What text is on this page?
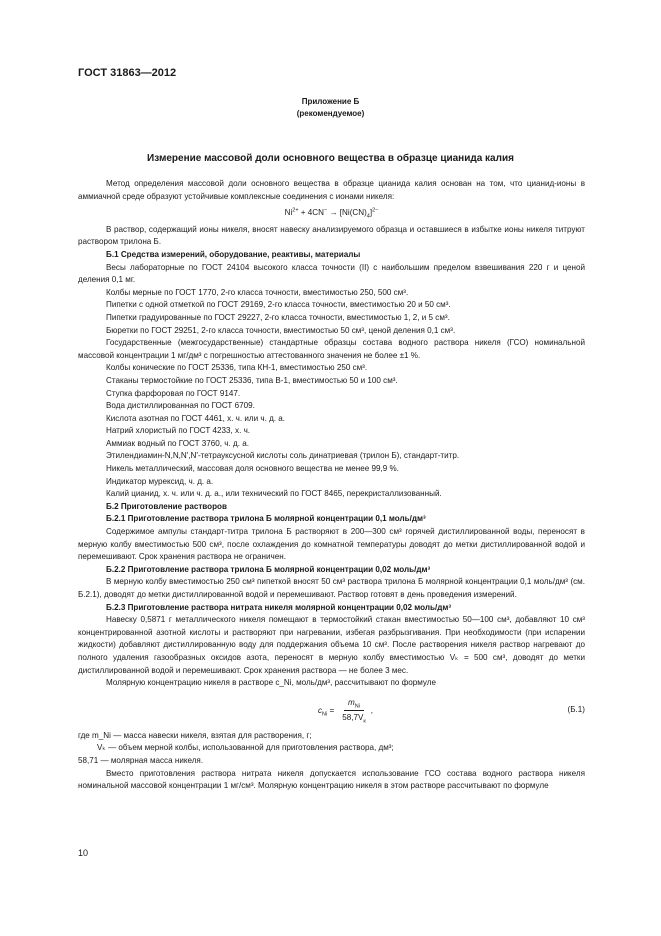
ГОСТ 31863—2012
Приложение Б
(рекомендуемое)
Измерение массовой доли основного вещества в образце цианида калия

Метод определения массовой доли основного вещества в образце цианида калия основан на том, что цианид-ионы в аммиачной среде образуют устойчивые комплексные соединения с ионами никеля:

$Ni^{2+} + 4CN^- \to [Ni(CN)_4]^{2-}$

В раствор, содержащий ионы никеля, вносят навеску анализируемого образца и оставшиеся в избытке ионы никеля титруют раствором трилона Б.

Б.1 Средства измерений, оборудование, реактивы, материалы

Весы лабораторные по ГОСТ 24104 высокого класса точности (II) с наибольшим пределом взвешивания 220 г и ценой деления 0,1 мг.

Колбы мерные по ГОСТ 1770, 2-го класса точности, вместимостью 250, 500 см³.

Пипетки с одной отметкой по ГОСТ 29169, 2-го класса точности, вместимостью 20 и 50 см³.

Пипетки градуированные по ГОСТ 29227, 2-го класса точности, вместимостью 1, 2, и 5 см³.

Бюретки по ГОСТ 29251, 2-го класса точности, вместимостью 50 см³, ценой деления 0,1 см³.

Государственные (межгосударственные) стандартные образцы состава водного раствора никеля (ГСО) номинальной массовой концентрации 1 мг/дм³ с погрешностью аттестованного значения не более ±1 %.

Колбы конические по ГОСТ 25336, типа КН-1, вместимостью 250 см³.

Стаканы термостойкие по ГОСТ 25336, типа В-1, вместимостью 50 и 100 см³.

Ступка фарфоровая по ГОСТ 9147.

Вода дистиллированная по ГОСТ 6709.

Кислота азотная по ГОСТ 4461, х. ч. или ч. д. а.

Натрий хлористый по ГОСТ 4233, х. ч.

Аммиак водный по ГОСТ 3760, ч. д. а.

Этилендиамин-N,N,N',N'-тетрауксусной кислоты соль динатриевая (трилон Б), стандарт-титр.

Никель металлический, массовая доля основного вещества не менее 99,9 %.

Индикатор мурексид, ч. д. а.

Калий цианид, х. ч. или ч. д. а., или технический по ГОСТ 8465, перекристаллизованный.

Б.2 Приготовление растворов

Б.2.1 Приготовление раствора трилона Б молярной концентрации 0,1 моль/дм³

Содержимое ампулы стандарт-титра трилона Б растворяют в 200—300 см³ горячей дистиллированной воды, переносят в мерную колбу вместимостью 500 см³, после охлаждения до комнатной температуры доводят до метки дистиллированной водой и перемешивают. Срок хранения раствора не ограничен.

Б.2.2 Приготовление раствора трилона Б молярной концентрации 0,02 моль/дм³

В мерную колбу вместимостью 250 см³ пипеткой вносят 50 см³ раствора трилона Б молярной концентрации 0,1 моль/дм³ (см. Б.2.1), доводят до метки дистиллированной водой и перемешивают. Раствор готовят в день проведения измерений.

Б.2.3 Приготовление раствора нитрата никеля молярной концентрации 0,02 моль/дм³

Навеску 0,5871 г металлического никеля помещают в термостойкий стакан вместимостью 50—100 см³, добавляют 10 см³ концентрированной азотной кислоты и растворяют при нагревании, избегая разбрызгивания. При необходимости (при испарении жидкости) добавляют дистиллированную воду для поддержания объема 10 см³. После растворения никеля раствор нагревают до полного удаления газообразных оксидов азота, переносят в мерную колбу вместимостью Vₖ = 500 см³, доводят до метки дистиллированной водой и перемешивают. Срок хранения раствора — не более 3 мес.

Молярную концентрацию никеля в растворе c_Ni, моль/дм³, рассчитывают по формуле

$c_{Ni} = \frac{m_{Ni}}{58,7V_к}$ ,	(Б.1)

где m_Ni — масса навески никеля, взятая для растворения, г;

Vₖ — объем мерной колбы, использованной для приготовления раствора, дм³;

58,71 — молярная масса никеля.

Вместо приготовления раствора нитрата никеля допускается использование ГСО состава водного раствора никеля номинальной массовой концентрации 1 мг/см³. Молярную концентрацию никеля в этом растворе рассчитывают по формуле

10
